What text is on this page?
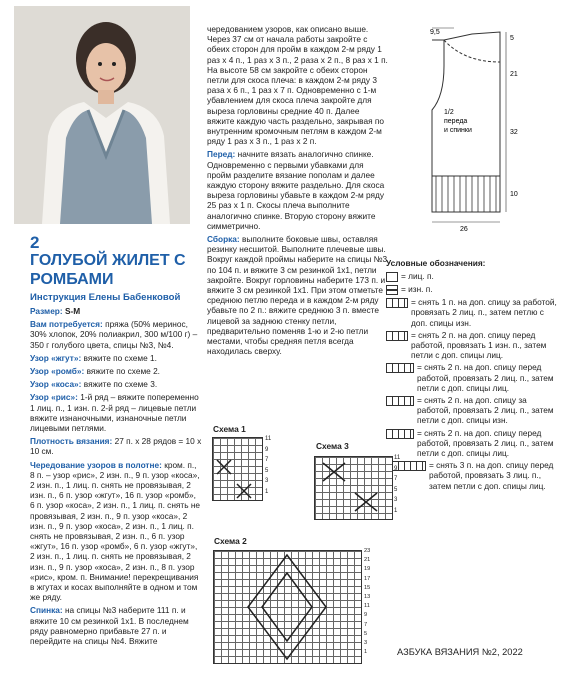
2
ГОЛУБОЙ ЖИЛЕТ С РОМБАМИ
Инструкция Елены Бабенковой

Размер: S-M

Вам потребуется: пряжа (50% меринос, 30% хлопок, 20% полиакрил, 300 м/100 г) – 350 г голубого цвета, спицы №3, №4.

Узор «жгут»: вяжите по схеме 1.

Узор «ромб»: вяжите по схеме 2.

Узор «коса»: вяжите по схеме 3.

Узор «рис»: 1-й ряд – вяжите попеременно 1 лиц. п., 1 изн. п. 2-й ряд – лицевые петли вяжите изнаночными, изнаночные петли лицевыми петлями.

Плотность вязания: 27 п. х 28 рядов = 10 х 10 см.

Чередование узоров в полотне: кром. п., 8 п. – узор «рис», 2 изн. п., 9 п. узор «коса», 2 изн. п., 1 лиц. п. снять не провязывая, 2 изн. п., 6 п. узор «жгут», 16 п. узор «ромб», 6 п. узор «коса», 2 изн. п., 1 лиц. п. снять не провязывая, 2 изн. п., 9 п. узор «коса», 2 изн. п., 9 п. узор «коса», 2 изн. п., 1 лиц. п. снять не провязывая, 2 изн. п., 6 п. узор «жгут», 16 п. узор «ромб», 6 п. узор «жгут», 2 изн. п., 1 лиц. п. снять не провязывая, 2 изн. п., 9 п. узор «коса», 2 изн. п., 8 п. узор «рис», кром. п. Внимание! перекрещивания в жгутах и косах выполняйте в одном и том же ряду.

Спинка: на спицы №3 наберите 111 п. и вяжите 10 см резинкой 1х1. В последнем ряду равномерно прибавьте 27 п. и перейдите на спицы №4. Вяжите

чередованием узоров, как описано выше. Через 37 см от начала работы закройте с обеих сторон для пройм в каждом 2-м ряду 1 раз х 4 п., 1 раз х 3 п., 2 раза х 2 п., 8 раз х 1 п. На высоте 58 см закройте с обеих сторон петли для скоса плеча: в каждом 2-м ряду 3 раза х 6 п., 1 раз х 7 п. Одновременно с 1-м убавлением для скоса плеча закройте для выреза горловины средние 40 п. Далее вяжите каждую часть раздельно, закрывая по внутренним кромочным петлям в каждом 2-м ряду 1 раз х 3 п., 1 раз х 2 п.

Перед: начните вязать аналогично спинке. Одновременно с первыми убавками для пройм разделите вязание пополам и далее каждую сторону вяжите раздельно. Для скоса выреза горловины убавьте в каждом 2-м ряду 25 раз х 1 п. Скосы плеча выполните аналогично спинке. Вторую сторону вяжите симметрично.

Сборка: выполните боковые швы, оставляя резинку несшитой. Выполните плечевые швы. Вокруг каждой проймы наберите на спицы №3 по 104 п. и вяжите 3 см резинкой 1х1, петли закройте. Вокруг горловины наберите 173 п. и вяжите 3 см резинкой 1х1. При этом отметьте среднюю петлю переда и в каждом 2-м ряду убавьте по 2 п.: вяжите среднюю 3 п. вместе лицевой за заднюю стенку петли, предварительно поменяв 1-ю и 2-ю петли местами, чтобы средняя петля всегда находилась сверху.

9,5
5
21
32
10
26
1/2
переда
и спинки
Условные обозначения:
= лиц. п.
= изн. п.
= снять 1 п. на доп. спицу за работой, провязать 2 лиц. п., затем петлю с доп. спицы изн.
= снять 2 п. на доп. спицу перед работой, провязать 1 изн. п., затем петли с доп. спицы лиц.
= снять 2 п. на доп. спицу перед работой, провязать 2 лиц. п., затем петли с доп. спицы лиц.
= снять 2 п. на доп. спицу за работой, провязать 2 лиц. п., затем петли с доп. спицы изн.
= снять 2 п. на доп. спицу перед работой, провязать 2 лиц. п., затем петли с доп. спицы лиц.
= снять 3 п. на доп. спицу перед работой, провязать 3 лиц. п., затем петли с доп. спицы лиц.
Схема 1
11
9
7
5
3
1
Схема 3
11
9
7
5
3
1
Схема 2
23
21
19
17
15
13
11
9
7
5
3
1	АЗБУКА ВЯЗАНИЯ №2, 2022
